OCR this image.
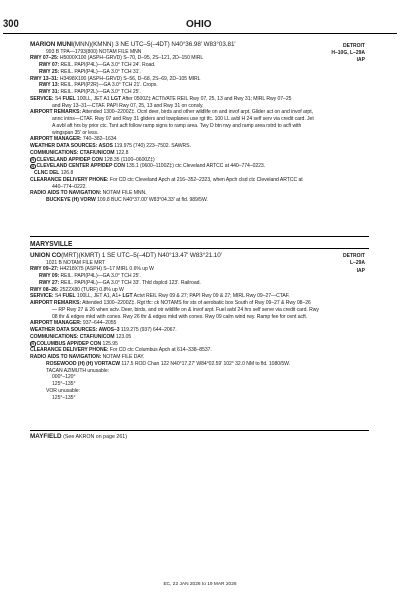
300	OHIO
DETROIT
H–10G, L–29A
IAP
MARION MUNI(MNN)(KMNN) 3 NE UTC–5(–4DT) N40°36.98′ W83°03.81′
993 B TPA—1793(800) NOTAM FILE MNN
RWY 07–25: H5000X100 (ASPH–GRVD) S–70, D–95, 2S–121, 2D–150 MIRL
RWY 07: REIL. PAPI(P4L)—GA 3.0° TCH 24′. Road.
RWY 25: REIL. PAPI(P4L)—GA 3.0° TCH 31′.
RWY 13–31: H3498X100 (ASPH–GRVD) S–56, D–68, 2S–69, 2D–105 MIRL
RWY 13: REIL. PAPI(P2R)—GA 3.0° TCH 21′. Crops.
RWY 31: REIL. PAPI(P2L)—GA 3.0° TCH 25′.
SERVICE: S4 FUEL 100LL, JET A1 LGT After 0500Z‡ ACTIVATE REIL Rwy 07, 25, 13 and Rwy 31; MIRL Rwy 07–25
and Rwy 13–31—CTAF. PAPI Rwy 07, 25, 13 and Rwy 31 on consly.
AIRPORT REMARKS: Attended 1300–2200Z‡. Ocnl deer, birds and other wildlife on and invof arpt. Glider act on and invof arpt,
annc intns—CTAF. Rwy 07 and Rwy 31 gliders and towplanes use rgt tfc. 100 LL avbl H 24 self serv via credit card. Jet
A avbl aft hrs by prior ctc. Tsnt acft follow ramp signs to ramp area. Twy D btn rwy and ramp area rstrd to acft with
wingspan 35′ or less.
AIRPORT MANAGER: 740–382–1634
WEATHER DATA SOURCES: ASOS 119.975 (740) 223–7502. SAWRS.
COMMUNICATIONS: CTAF/UNICOM 122.8
R CLEVELAND APP/DEP CON 128.35 (1100–0600Z‡)
R CLEVELAND CENTER APP/DEP CON 135.1 (0600–1100Z‡) ctc Cleveland ARTCC at 440–774–0223.
CLNC DEL 126.8
CLEARANCE DELIVERY PHONE: For CD ctc Cleveland Apch at 216–352–2323, when Apch clsd ctc Cleveland ARTCC at
440–774–0222.
RADIO AIDS TO NAVIGATION: NOTAM FILE MNN.
BUCKEYE (H) VORW 109.8 BUC N40°37.00′ W83°04.33′ at fld. 989/5W.
MARYSVILLE
DETROIT
L–29A
IAP
UNION CO(MRT)(KMRT) 1 SE UTC–5(–4DT) N40°13.47′ W83°21.10′
1021 B NOTAM FILE MRT
RWY 09–27: H4218X75 (ASPH) S–17 MIRL 0.6% up W
RWY 09: REIL. PAPI(P4L)—GA 3.0° TCH 25′.
RWY 27: REIL. PAPI(P4L)—GA 3.0° TCH 33′. Thld dsplcd 123′. Railroad.
RWY 08–26: 2522X80 (TURF) 0.8% up W
SERVICE: S4 FUEL 100LL, JET A1, A1+ LGT Actvt REIL Rwy 09 & 27; PAPI Rwy 09 & 27; MIRL Rwy 09–27—CTAF.
AIRPORT REMARKS: Attended 1300–2200Z‡. Rgt tfc: ck NOTAMS for sts of aerobatic box South of Rwy 09–27 & Rwy 08–26
— RP Rwy 27 & 26 when actv. Deer, birds, and otr wildlife on & invof arpt. Fuel avbl 24 hrs self serve via credit card. Rwy
08 thr & edges mkd with cones. Rwy 26 thr & edges mkd with cones. Rwy 09 calm wind rwy. Ramp fee for ovnt acft.
AIRPORT MANAGER: 937–644–2055
WEATHER DATA SOURCES: AWOS–3 119.275 (937) 644–2067.
COMMUNICATIONS: CTAF/UNICOM 123.05
R COLUMBUS APP/DEP CON 125.95
CLEARANCE DELIVERY PHONE: For CD ctc Columbus Apch at 614–338–8537.
RADIO AIDS TO NAVIGATION: NOTAM FILE DAY.
ROSEWOOD (H) (H) VORTACW 117.5 ROD Chan 122 N40°17.27′ W84°02.59′ 102° 32.0 NM to fld. 1080/5W.
TACAN AZIMUTH unusable:
000°–120°
125°–135°
VOR unusable:
125°–135°
MAYFIELD (See AKRON on page 261)
EC, 22 JAN 2026 to 19 MAR 2026
